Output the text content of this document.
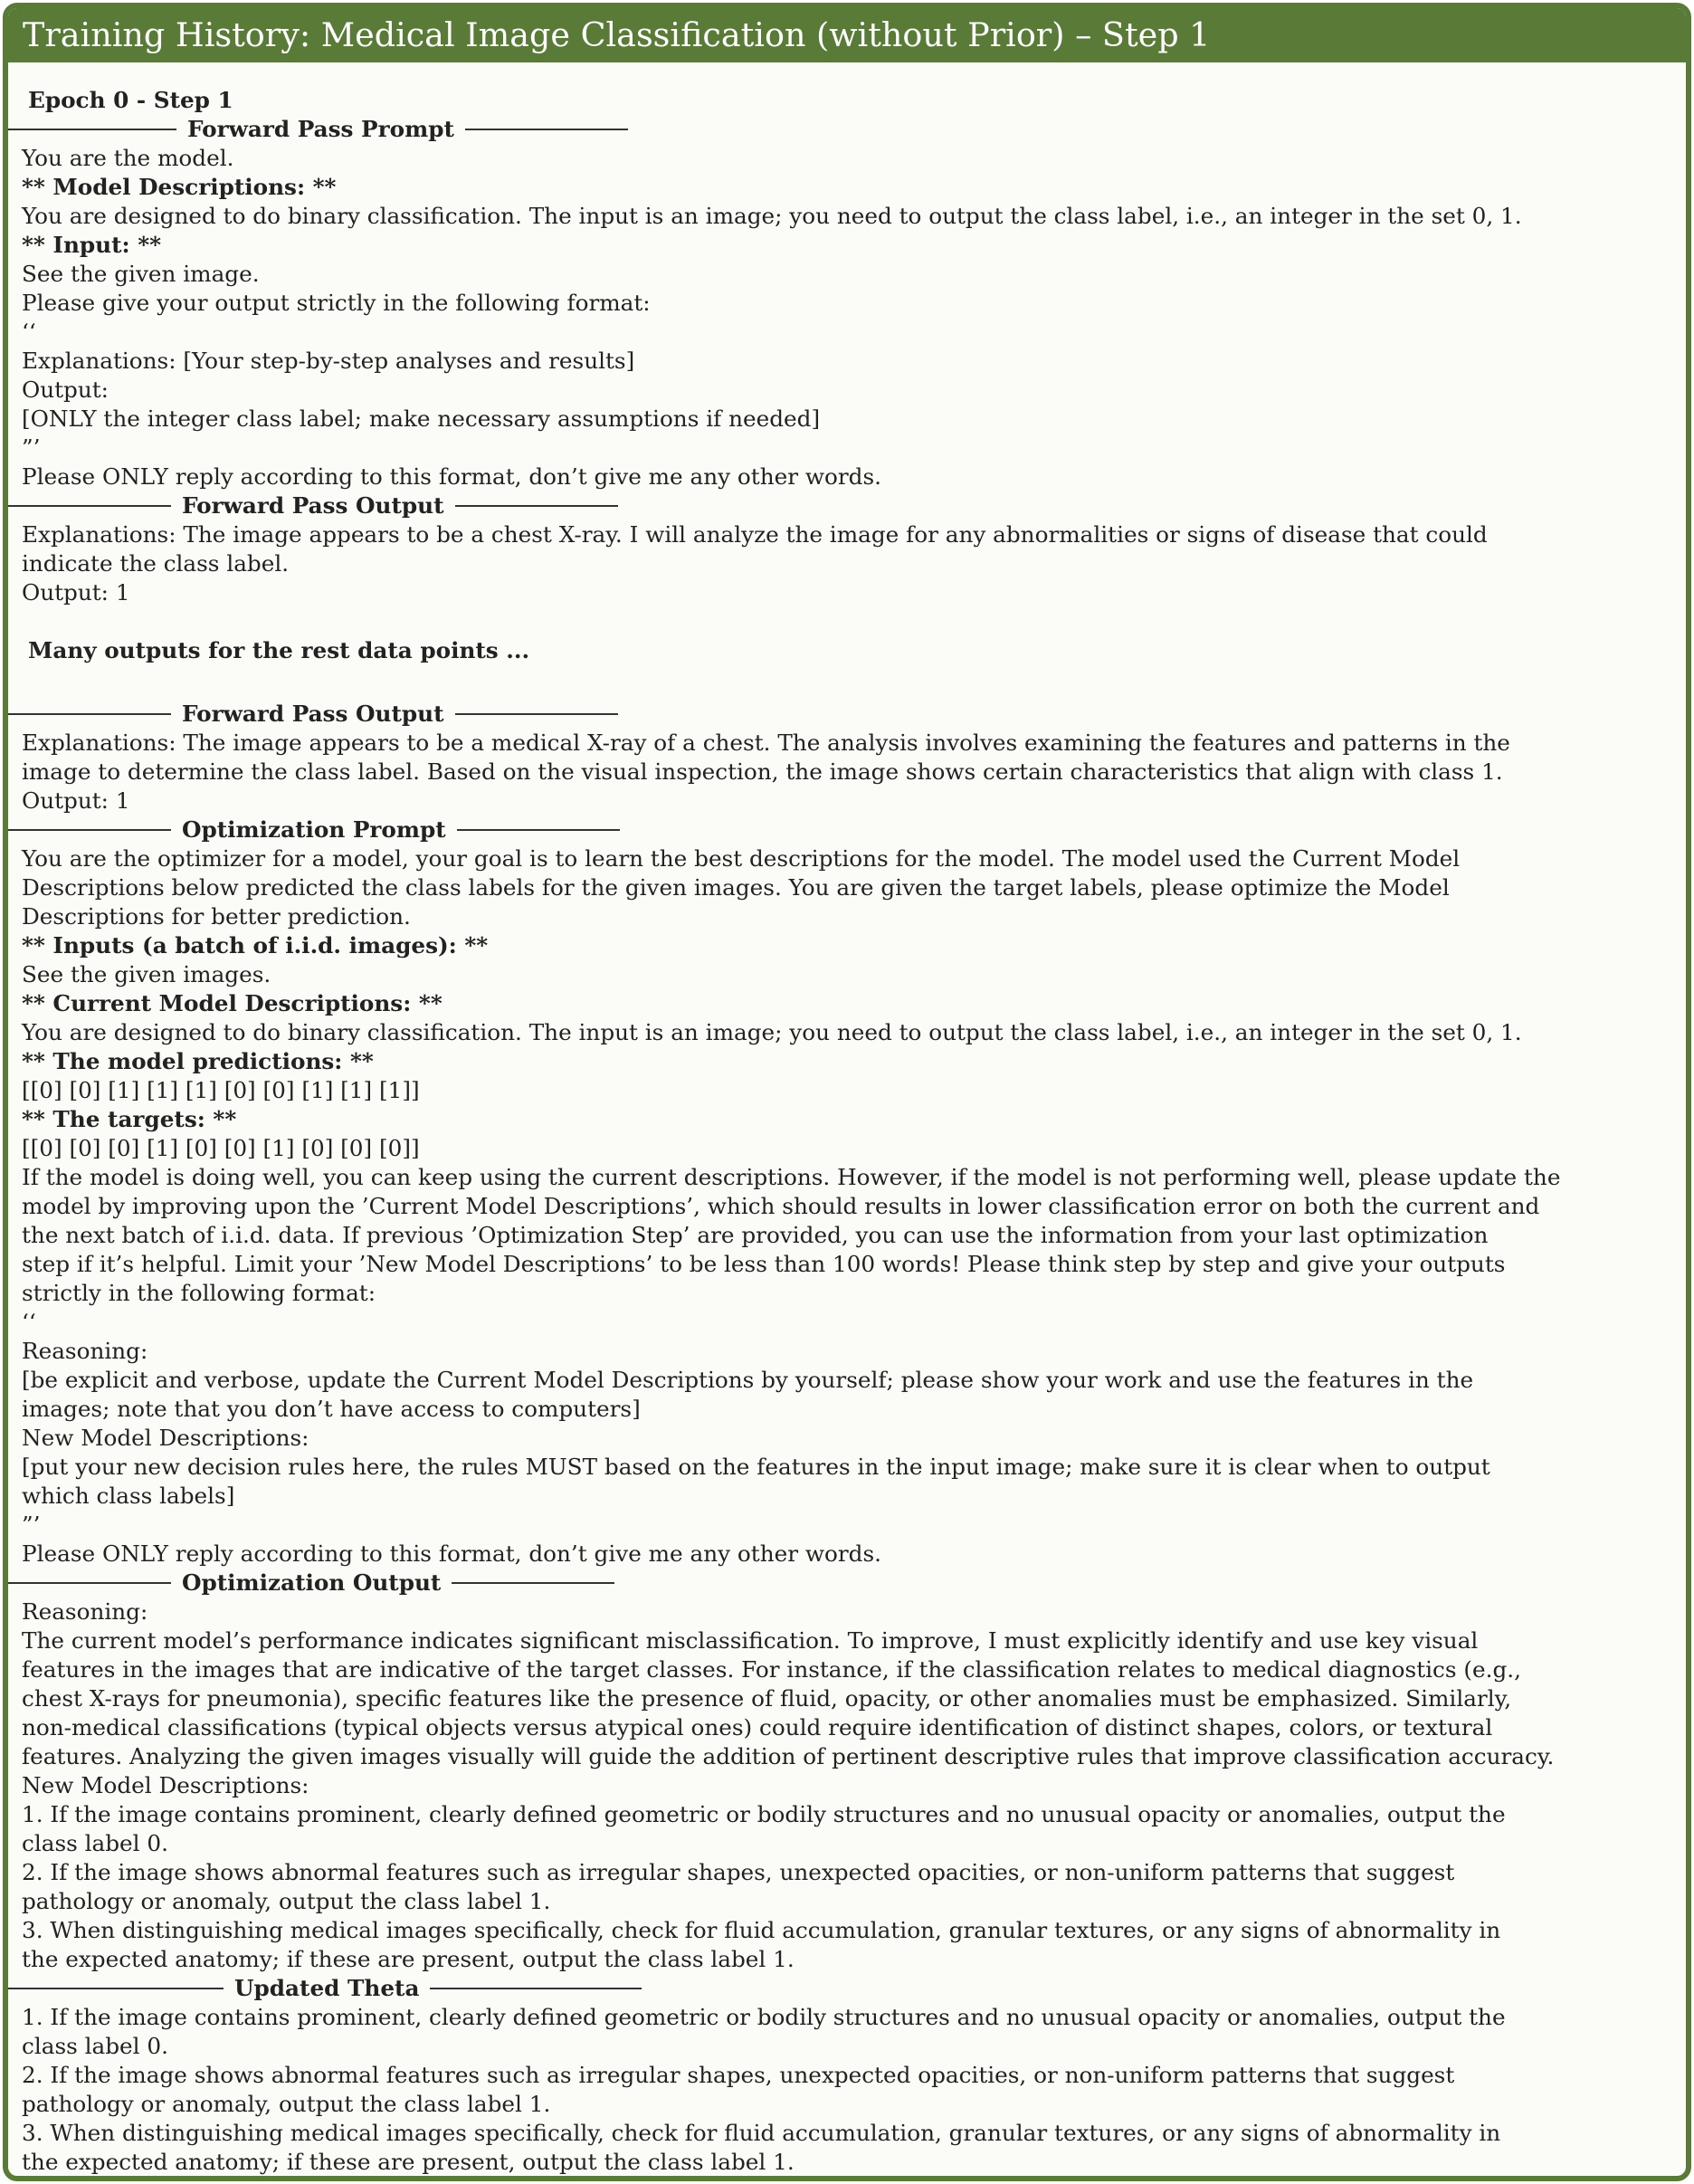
Training History: Medical Image Classification (without Prior) – Step 1
Epoch 0 - Step 1
Forward Pass Prompt
You are the model.
** Model Descriptions: **
You are designed to do binary classification. The input is an image; you need to output the class label, i.e., an integer in the set 0, 1.
** Input: **
See the given image.
Please give your output strictly in the following format:
‘‘
Explanations: [Your step-by-step analyses and results]
Output:
[ONLY the integer class label; make necessary assumptions if needed]
”’
Please ONLY reply according to this format, don’t give me any other words.
Forward Pass Output
Explanations: The image appears to be a chest X-ray. I will analyze the image for any abnormalities or signs of disease that could
indicate the class label.
Output: 1
Many outputs for the rest data points ...
Forward Pass Output
Explanations: The image appears to be a medical X-ray of a chest. The analysis involves examining the features and patterns in the
image to determine the class label. Based on the visual inspection, the image shows certain characteristics that align with class 1.
Output: 1
Optimization Prompt
You are the optimizer for a model, your goal is to learn the best descriptions for the model. The model used the Current Model
Descriptions below predicted the class labels for the given images. You are given the target labels, please optimize the Model
Descriptions for better prediction.
** Inputs (a batch of i.i.d. images): **
See the given images.
** Current Model Descriptions: **
You are designed to do binary classification. The input is an image; you need to output the class label, i.e., an integer in the set 0, 1.
** The model predictions: **
[[0] [0] [1] [1] [1] [0] [0] [1] [1] [1]]
** The targets: **
[[0] [0] [0] [1] [0] [0] [1] [0] [0] [0]]
If the model is doing well, you can keep using the current descriptions. However, if the model is not performing well, please update the
model by improving upon the ’Current Model Descriptions’, which should results in lower classification error on both the current and
the next batch of i.i.d. data. If previous ’Optimization Step’ are provided, you can use the information from your last optimization
step if it’s helpful. Limit your ’New Model Descriptions’ to be less than 100 words! Please think step by step and give your outputs
strictly in the following format:
‘‘
Reasoning:
[be explicit and verbose, update the Current Model Descriptions by yourself; please show your work and use the features in the
images; note that you don’t have access to computers]
New Model Descriptions:
[put your new decision rules here, the rules MUST based on the features in the input image; make sure it is clear when to output
which class labels]
”’
Please ONLY reply according to this format, don’t give me any other words.
Optimization Output
Reasoning:
The current model’s performance indicates significant misclassification. To improve, I must explicitly identify and use key visual
features in the images that are indicative of the target classes. For instance, if the classification relates to medical diagnostics (e.g.,
chest X-rays for pneumonia), specific features like the presence of fluid, opacity, or other anomalies must be emphasized. Similarly,
non-medical classifications (typical objects versus atypical ones) could require identification of distinct shapes, colors, or textural
features. Analyzing the given images visually will guide the addition of pertinent descriptive rules that improve classification accuracy.
New Model Descriptions:
1. If the image contains prominent, clearly defined geometric or bodily structures and no unusual opacity or anomalies, output the
class label 0.
2. If the image shows abnormal features such as irregular shapes, unexpected opacities, or non-uniform patterns that suggest
pathology or anomaly, output the class label 1.
3. When distinguishing medical images specifically, check for fluid accumulation, granular textures, or any signs of abnormality in
the expected anatomy; if these are present, output the class label 1.
Updated Theta
1. If the image contains prominent, clearly defined geometric or bodily structures and no unusual opacity or anomalies, output the
class label 0.
2. If the image shows abnormal features such as irregular shapes, unexpected opacities, or non-uniform patterns that suggest
pathology or anomaly, output the class label 1.
3. When distinguishing medical images specifically, check for fluid accumulation, granular textures, or any signs of abnormality in
the expected anatomy; if these are present, output the class label 1.
